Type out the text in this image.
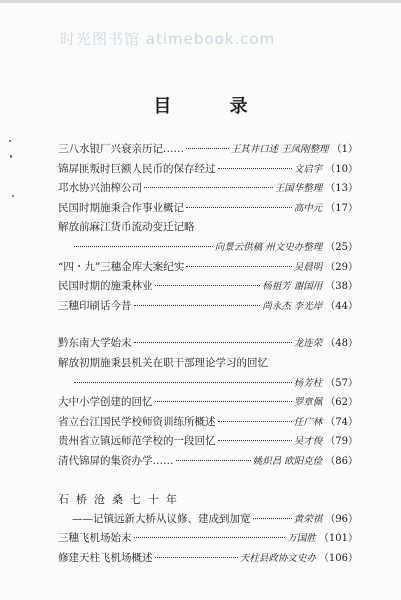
时光图书馆 atimebook.com
目 录
三八水银厂兴衰亲历记……	王其井口述 王凤刚整理 （1）
锦屏匪叛时巨额人民币的保存经过	文启宇 （10）
邛水协兴油榨公司	王国华整理 （13）
民国时期施秉合作事业概记	高中元 （17）
解放前麻江货币流动变迁记略
向景云供稿 州文史办整理 （25）
“四・九”三穗金库大案纪实	吴晨明 （29）
民国时期的施秉林业	杨祖芳 谢国用 （38）
三穗印刷话今昔	尚永杰 李光岸 （44）
黔东南大学始末	龙连荣 （48）
解放初期施秉县机关在职干部理论学习的回忆
杨芳柱 （57）
大中小学创建的回忆	罗章佩 （62）
省立台江国民学校师资训练所概述	任广林 （74）
贵州省立镇远师范学校的一段回忆	吴才俊 （79）
清代锦屏的集资办学……	姚炽昌 欧阳克俭 （86）
石桥沧桑七十年
——记镇远新大桥从议修、建成到加宽	黄荣祺 （96）
三穗飞机场始末	万国胜 （101）
修建天柱飞机场概述	天柱县政协文史办 （106）
